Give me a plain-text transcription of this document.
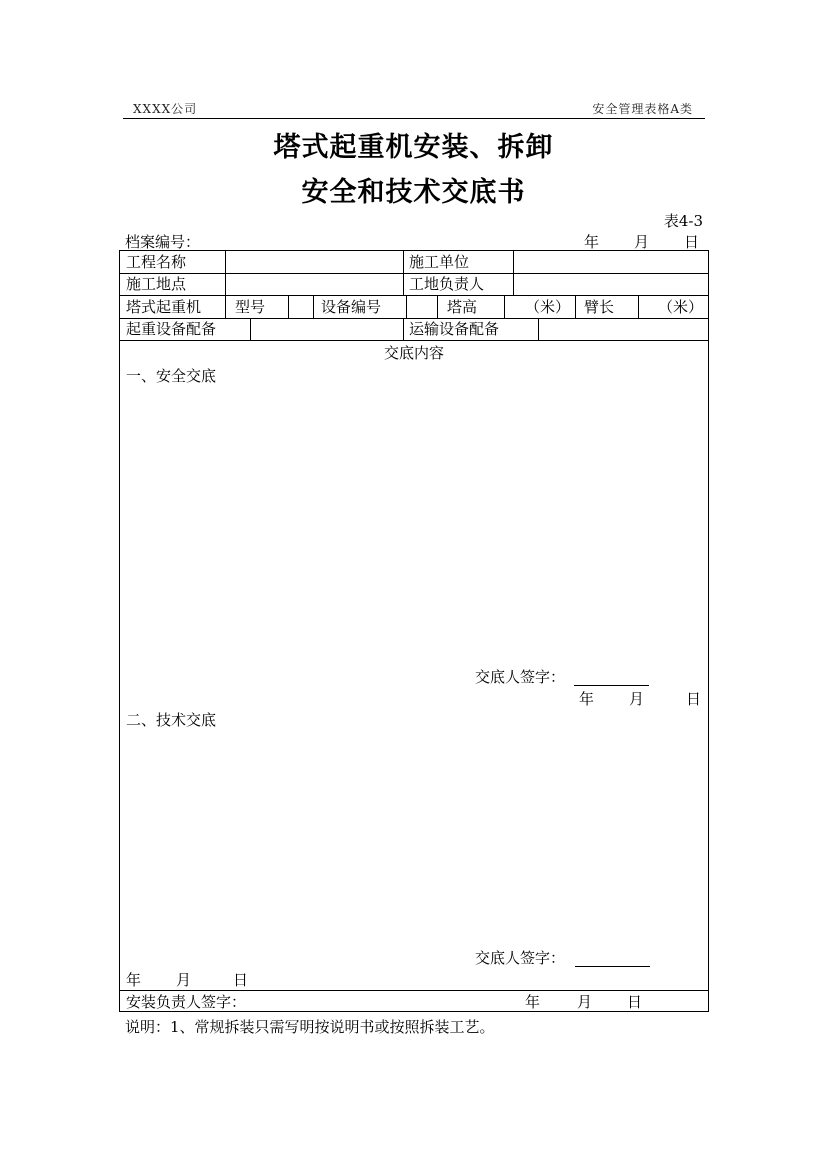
XXXX公司	安全管理表格A类
塔式起重机安装、拆卸
安全和技术交底书
表4-3
档案编号：	年 月 日
工程名称	施工单位
施工地点	工地负责人
塔式起重机 型号	设备编号	塔高	（米） 臂长	（米）
起重设备配备	运输设备配备
交底内容
一、安全交底
交底人签字：
年 月	日
二、技术交底
交底人签字：
年 月	日
安装负责人签字：	年 月 日
说明：1、常规拆装只需写明按说明书或按照拆装工艺。
